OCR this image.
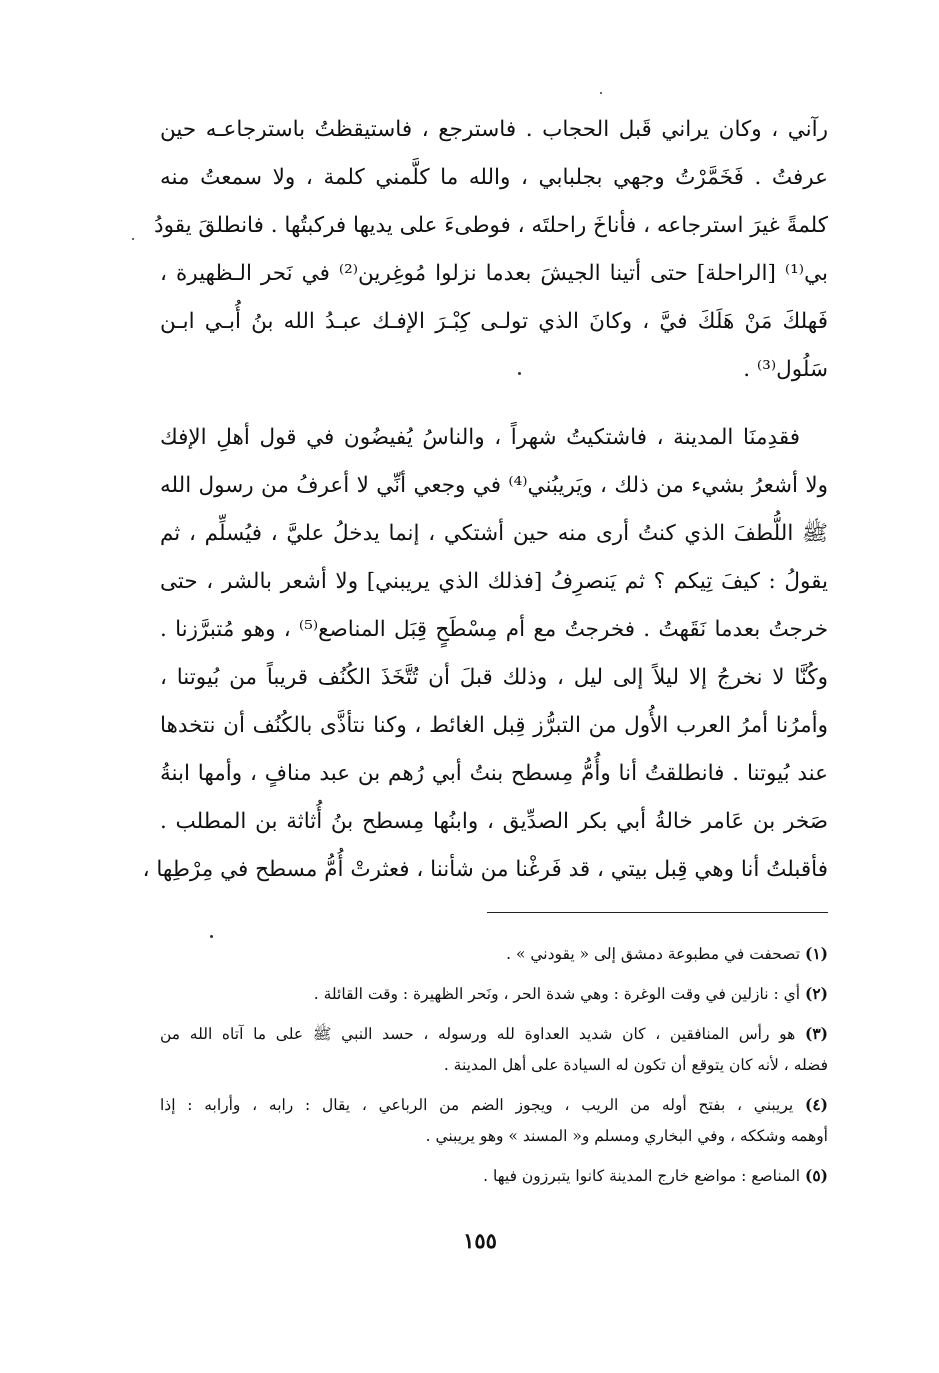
رآني ، وكان يراني قَبل الحجاب . فاسترجع ، فاستيقظتُ باسترجاعـه حين
عرفتُ . فَخَمَّرْتُ وجهي بجلبابي ، والله ما كلَّمني كلمة ، ولا سمعتُ منه
كلمةً غيرَ استرجاعه ، فأناخَ راحلتَه ، فوطىءَ على يديها فركبتُها . فانطلقَ يقودُ
بي⁽¹⁾ [الراحلة] حتى أتينا الجيشَ بعدما نزلوا مُوغِرين⁽²⁾ في نَحر الـظهيرة ،
فَهلكَ مَنْ هَلَكَ فيَّ ، وكانَ الذي تولـى كِبْـرَ الإفـك عبـدُ الله بنُ أُبـي ابـن
سَلُول⁽³⁾ .
فقدِمنَا المدينة ، فاشتكيتُ شهراً ، والناسُ يُفيضُون في قول أهلِ الإفك
ولا أشعرُ بشيء من ذلك ، ويَريبُني⁽⁴⁾ في وجعي أنِّي لا أعرفُ من رسول الله
ﷺ اللُّطفَ الذي كنتُ أرى منه حين أشتكي ، إنما يدخلُ عليَّ ، فيُسلِّم ، ثم
يقولُ : كيفَ تِيكم ؟ ثم يَنصرِفُ [فذلك الذي يريبني] ولا أشعر بالشر ، حتى
خرجتُ بعدما نَقَهتُ . فخرجتُ مع أم مِسْطَحٍ قِبَل المناصع⁽⁵⁾ ، وهو مُتبرَّزنا .
وكُنَّا لا نخرجُ إلا ليلاً إلى ليل ، وذلك قبلَ أن تُتَّخَذَ الكُنُف قريباً من بُيوتنا ،
وأمرُنا أمرُ العرب الأُول من التبرُّز قِبل الغائط ، وكنا نتأذَّى بالكُنُف أن نتخدها
عند بُيوتنا . فانطلقتُ أنا وأُمُّ مِسطح بنتُ أبي رُهم بن عبد منافٍ ، وأمها ابنةُ
صَخر بن عَامر خالةُ أبي بكر الصدِّيق ، وابنُها مِسطح بنُ أُثاثة بن المطلب .
فأقبلتُ أنا وهي قِبل بيتي ، قد فَرغْنا من شأننا ، فعثرتْ أُمُّ مسطح في مِرْطِها ،
(١) تصحفت في مطبوعة دمشق إلى « يقودني » .
(٢) أي : نازلين في وقت الوغرة : وهي شدة الحر ، ونَحر الظهيرة : وقت القائلة .
(٣) هو رأس المنافقين ، كان شديد العداوة لله ورسوله ، حسد النبي ﷺ على ما آتاه الله من
فضله ، لأنه كان يتوقع أن تكون له السيادة على أهل المدينة .
(٤) يريبني ، بفتح أوله من الريب ، ويجوز الضم من الرباعي ، يقال : رابه ، وأرابه : إذا
أوهمه وشككه ، وفي البخاري ومسلم و« المسند » وهو يريبني .
(٥) المناصع : مواضع خارج المدينة كانوا يتبرزون فيها .
١٥٥
